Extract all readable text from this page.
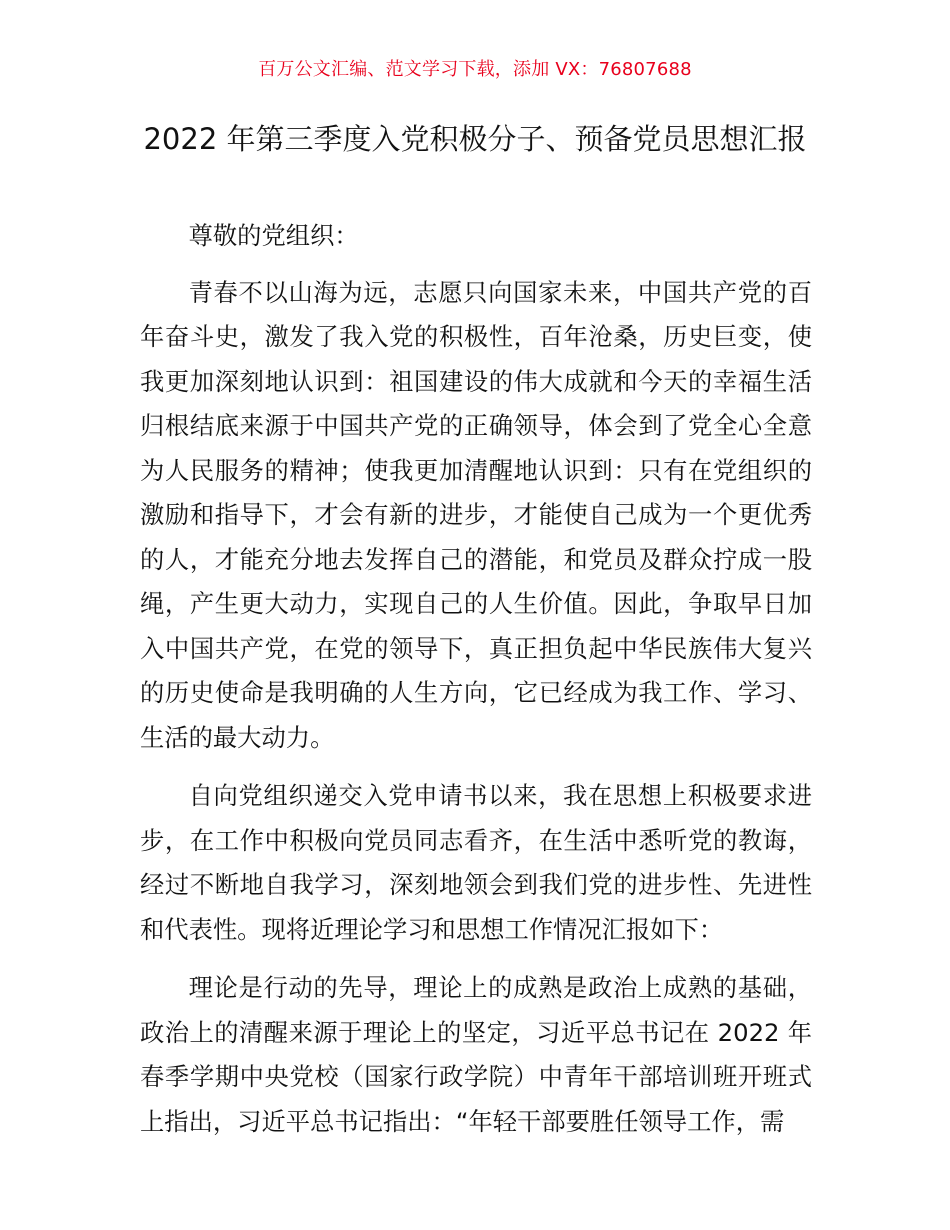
百万公文汇编、范文学习下载，添加 VX：76807688
2022 年第三季度入党积极分子、预备党员思想汇报

尊敬的党组织：

青春不以山海为远，志愿只向国家未来，中国共产党的百年奋斗史，激发了我入党的积极性，百年沧桑，历史巨变，使我更加深刻地认识到：祖国建设的伟大成就和今天的幸福生活归根结底来源于中国共产党的正确领导，体会到了党全心全意为人民服务的精神；使我更加清醒地认识到：只有在党组织的激励和指导下，才会有新的进步，才能使自己成为一个更优秀的人，才能充分地去发挥自己的潜能，和党员及群众拧成一股绳，产生更大动力，实现自己的人生价值。因此，争取早日加入中国共产党，在党的领导下，真正担负起中华民族伟大复兴的历史使命是我明确的人生方向，它已经成为我工作、学习、生活的最大动力。

自向党组织递交入党申请书以来，我在思想上积极要求进步，在工作中积极向党员同志看齐，在生活中悉听党的教诲，经过不断地自我学习，深刻地领会到我们党的进步性、先进性和代表性。现将近理论学习和思想工作情况汇报如下：

理论是行动的先导，理论上的成熟是政治上成熟的基础，政治上的清醒来源于理论上的坚定，习近平总书记在 2022 年春季学期中央党校（国家行政学院）中青年干部培训班开班式上指出，习近平总书记指出：“年轻干部要胜任领导工作，需
